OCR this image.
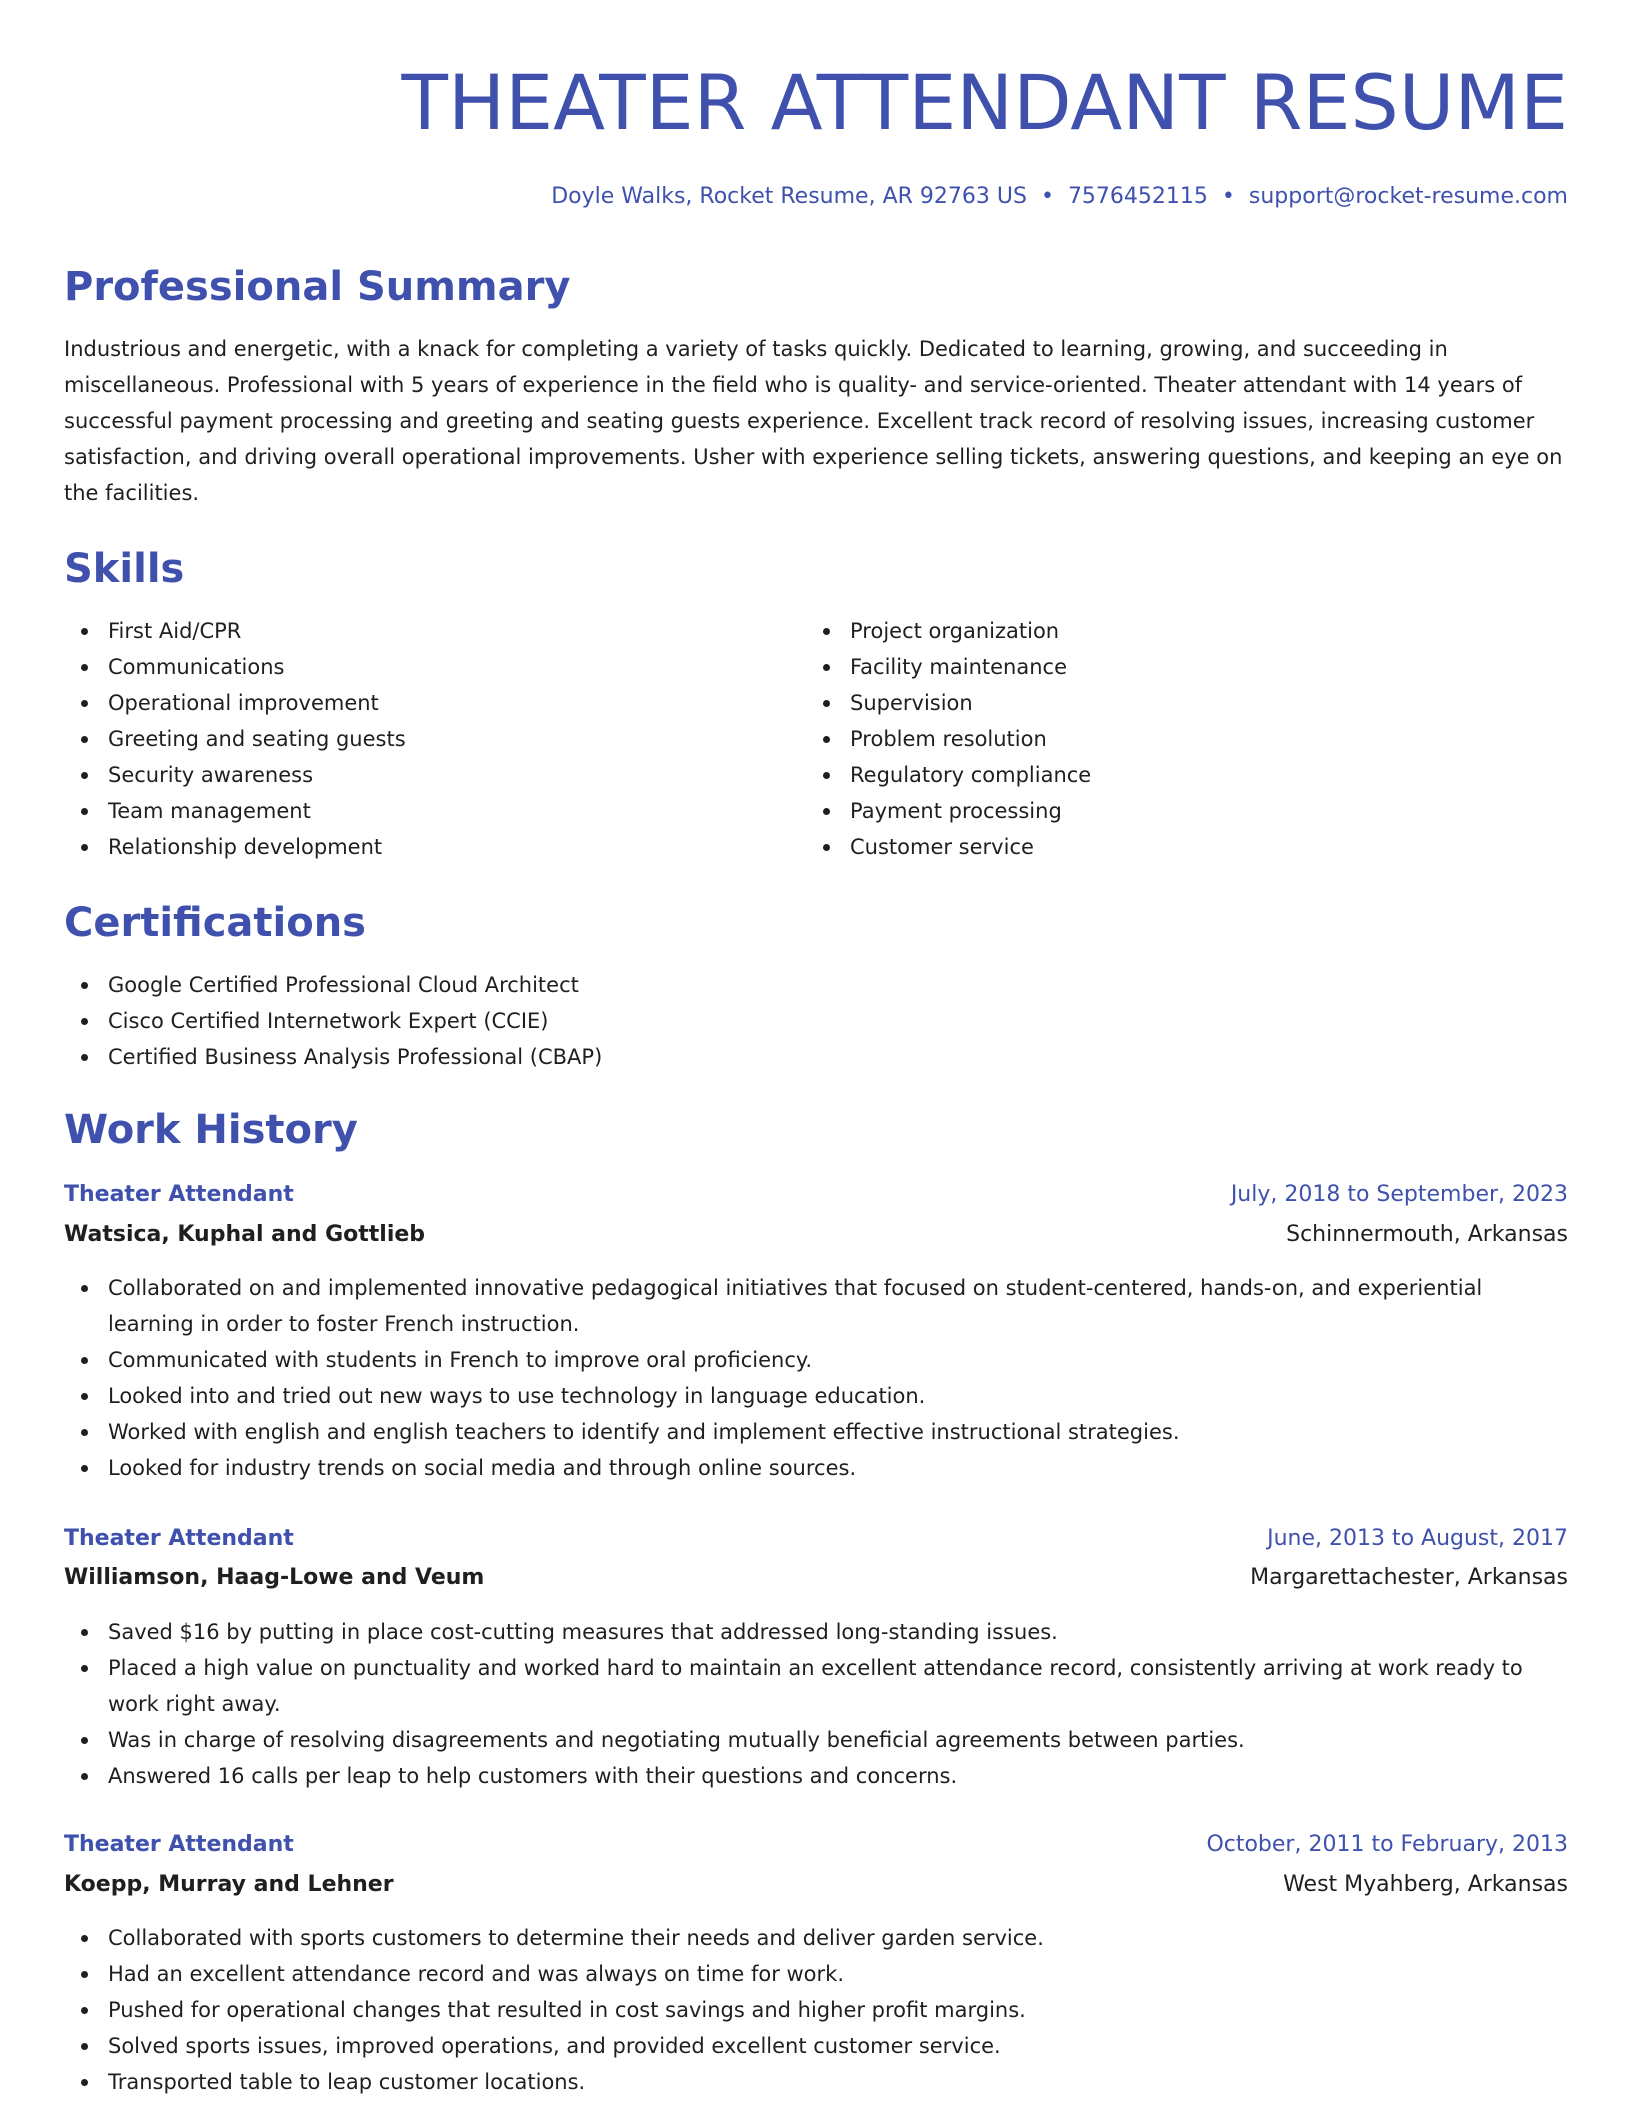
THEATER ATTENDANT RESUME
Doyle Walks, Rocket Resume, AR 92763 US • 7576452115 • support@rocket-resume.com
Professional Summary

Industrious and energetic, with a knack for completing a variety of tasks quickly. Dedicated to learning, growing, and succeeding in miscellaneous. Professional with 5 years of experience in the field who is quality- and service-oriented. Theater attendant with 14 years of successful payment processing and greeting and seating guests experience. Excellent track record of resolving issues, increasing customer satisfaction, and driving overall operational improvements. Usher with experience selling tickets, answering questions, and keeping an eye on the facilities.

Skills
First Aid/CPR
Communications
Operational improvement
Greeting and seating guests
Security awareness
Team management
Relationship development
Project organization
Facility maintenance
Supervision
Problem resolution
Regulatory compliance
Payment processing
Customer service
Certifications
Google Certified Professional Cloud Architect
Cisco Certified Internetwork Expert (CCIE)
Certified Business Analysis Professional (CBAP)
Work History
Theater Attendant	July, 2018 to September, 2023
Watsica, Kuphal and Gottlieb	Schinnermouth, Arkansas
Collaborated on and implemented innovative pedagogical initiatives that focused on student-centered, hands-on, and experiential learning in order to foster French instruction.
Communicated with students in French to improve oral proficiency.
Looked into and tried out new ways to use technology in language education.
Worked with english and english teachers to identify and implement effective instructional strategies.
Looked for industry trends on social media and through online sources.
Theater Attendant	June, 2013 to August, 2017
Williamson, Haag-Lowe and Veum	Margarettachester, Arkansas
Saved $16 by putting in place cost-cutting measures that addressed long-standing issues.
Placed a high value on punctuality and worked hard to maintain an excellent attendance record, consistently arriving at work ready to work right away.
Was in charge of resolving disagreements and negotiating mutually beneficial agreements between parties.
Answered 16 calls per leap to help customers with their questions and concerns.
Theater Attendant	October, 2011 to February, 2013
Koepp, Murray and Lehner	West Myahberg, Arkansas
Collaborated with sports customers to determine their needs and deliver garden service.
Had an excellent attendance record and was always on time for work.
Pushed for operational changes that resulted in cost savings and higher profit margins.
Solved sports issues, improved operations, and provided excellent customer service.
Transported table to leap customer locations.
